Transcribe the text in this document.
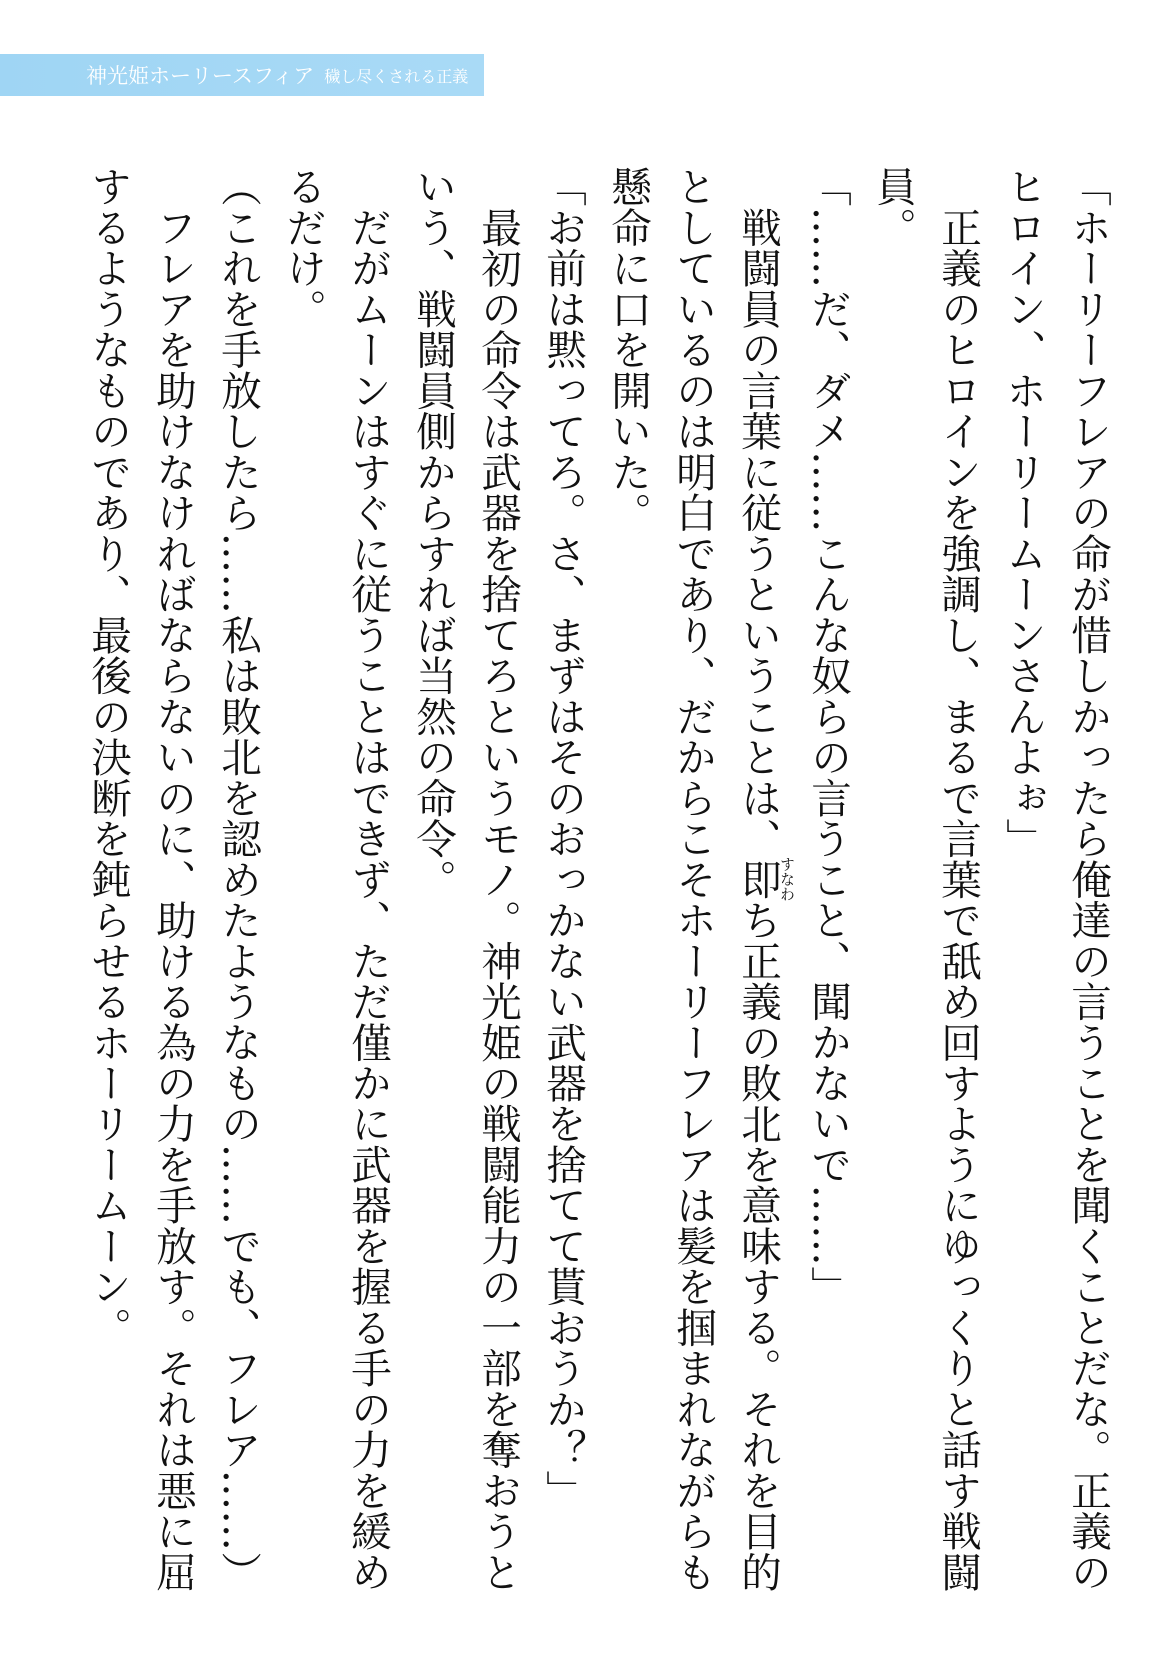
神光姫ホーリースフィア 穢し尽くされる正義

「ホーリーフレアの命が惜しかったら俺達の言うことを聞くことだな。正義のヒロイン、ホーリームーンさんよぉ」

　正義のヒロインを強調し、まるで言葉で舐め回すようにゆっくりと話す戦闘員。

「……だ、ダメ……こんな奴らの言うこと、聞かないで……」

　戦闘員の言葉に従うということは、即すなわち正義の敗北を意味する。それを目的としているのは明白であり、だからこそホーリーフレアは髪を掴まれながらも懸命に口を開いた。

「お前は黙ってろ。さ、まずはそのおっかない武器を捨てて貰おうか？」

　最初の命令は武器を捨てろというモノ。神光姫の戦闘能力の一部を奪おうという、戦闘員側からすれば当然の命令。

　だがムーンはすぐに従うことはできず、ただ僅かに武器を握る手の力を緩めるだけ。

（これを手放したら……私は敗北を認めたようなもの……でも、フレア……）

　フレアを助けなければならないのに、助ける為の力を手放す。それは悪に屈するようなものであり、最後の決断を鈍らせるホーリームーン。
